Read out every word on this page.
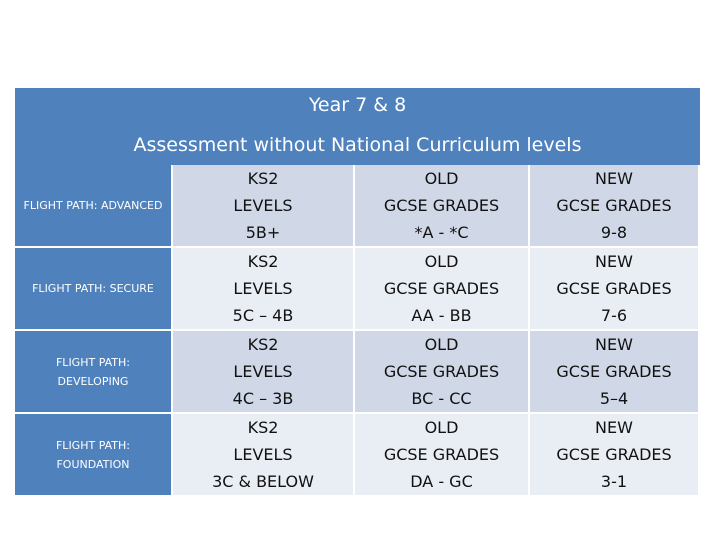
Year 7 & 8
Assessment without National Curriculum levels
FLIGHT PATH: ADVANCED
KS2
LEVELS
5B+
OLD
GCSE GRADES
*A - *C
NEW
GCSE GRADES
9-8
FLIGHT PATH: SECURE
KS2
LEVELS
5C – 4B
OLD
GCSE GRADES
AA - BB
NEW
GCSE GRADES
7-6
FLIGHT PATH: DEVELOPING
KS2
LEVELS
4C – 3B
OLD
GCSE GRADES
BC - CC
NEW
GCSE GRADES
5–4
FLIGHT PATH: FOUNDATION
KS2
LEVELS
3C & BELOW
OLD
GCSE GRADES
DA - GC
NEW
GCSE GRADES
3-1
